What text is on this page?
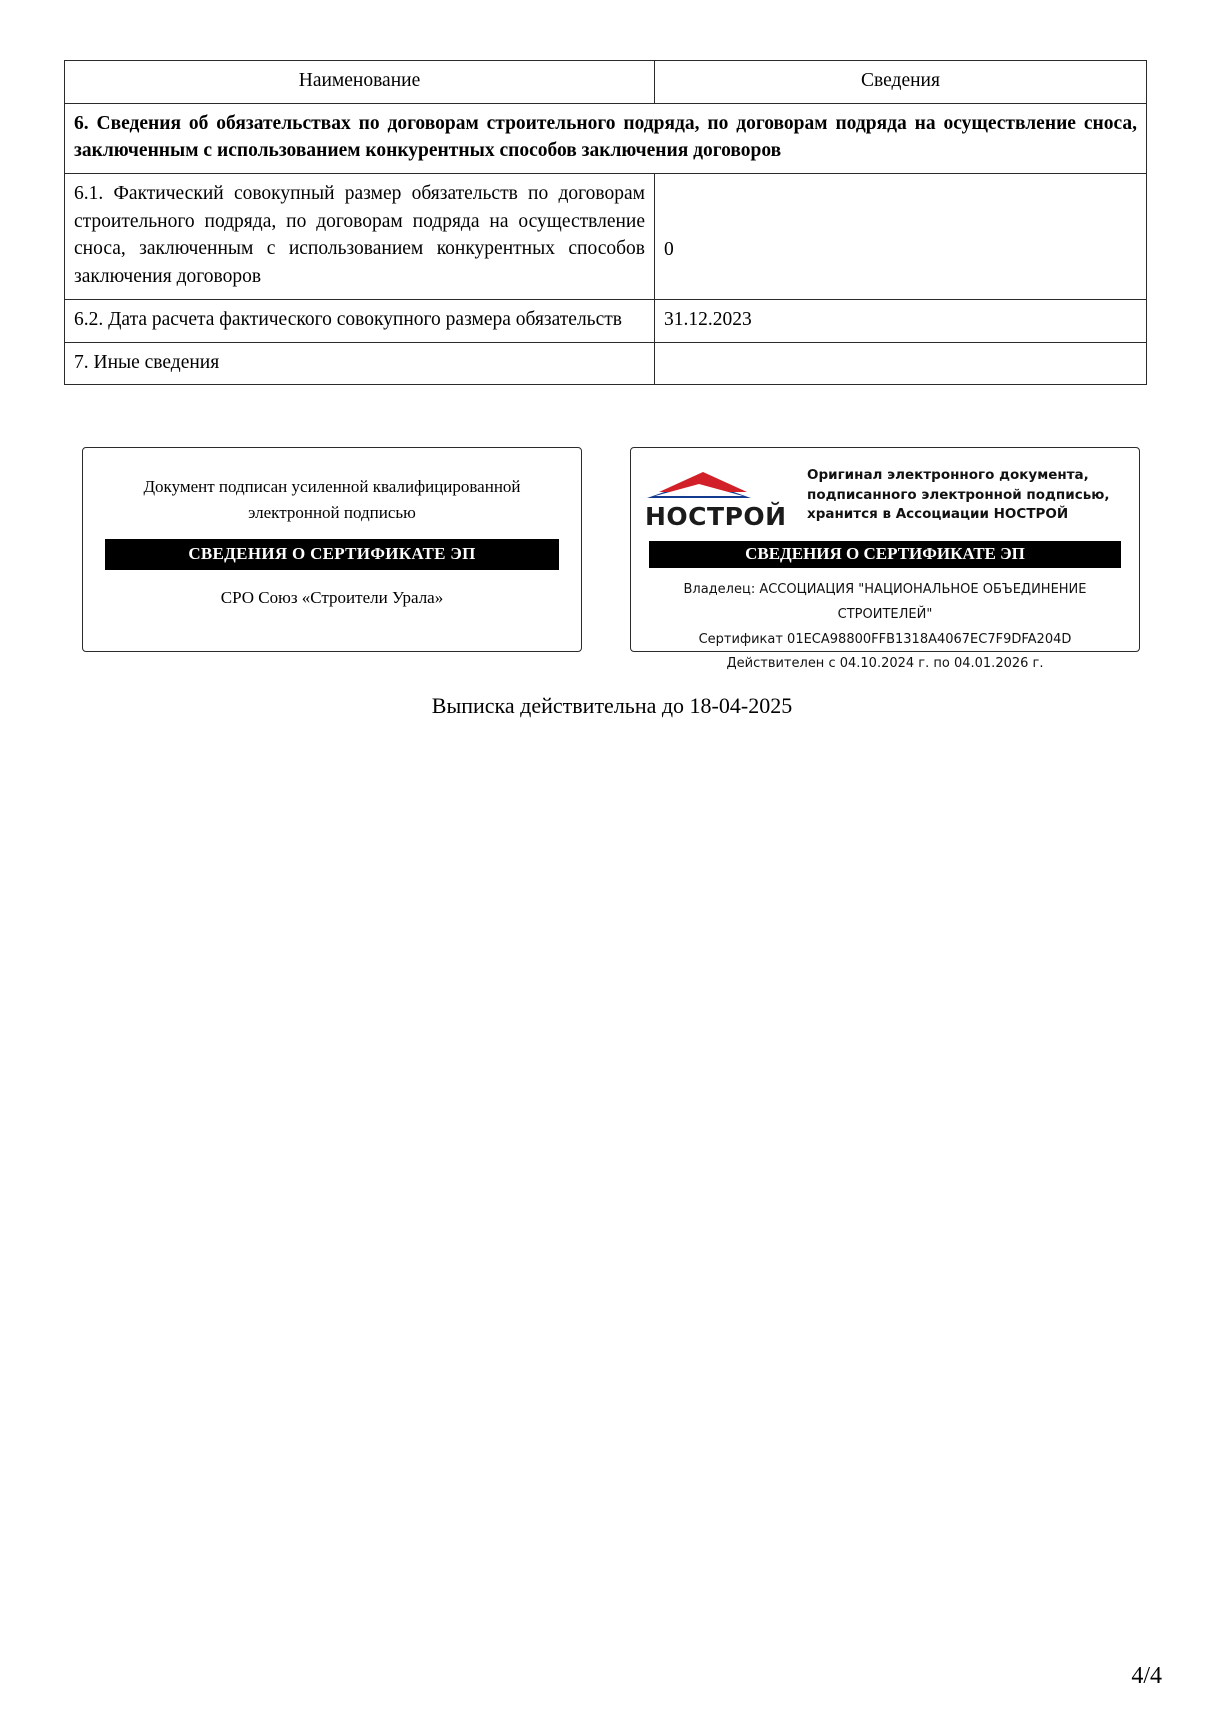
Наименование	Сведения
6. Сведения об обязательствах по договорам строительного подряда, по договорам подряда на осуществление сноса, заключенным с использованием конкурентных способов заключения договоров	
6.1. Фактический совокупный размер обязательств по договорам строительного подряда, по договорам подряда на осуществление сноса, заключенным с использованием конкурентных способов заключения договоров	0
6.2. Дата расчета фактического совокупного размера обязательств	31.12.2023
7. Иные сведения	
Документ подписан усиленной квалифицированной
электронной подписью
СВЕДЕНИЯ О СЕРТИФИКАТЕ ЭП
СРО Союз «Строители Урала»
НОСТРОЙ
Оригинал электронного документа,
подписанного электронной подписью,
хранится в Ассоциации НОСТРОЙ
СВЕДЕНИЯ О СЕРТИФИКАТЕ ЭП
Владелец: АССОЦИАЦИЯ "НАЦИОНАЛЬНОЕ ОБЪЕДИНЕНИЕ СТРОИТЕЛЕЙ"
Сертификат 01ECA98800FFB1318A4067EC7F9DFA204D
Действителен с 04.10.2024 г. по 04.01.2026 г.
Выписка действительна до 18-04-2025
4/4
